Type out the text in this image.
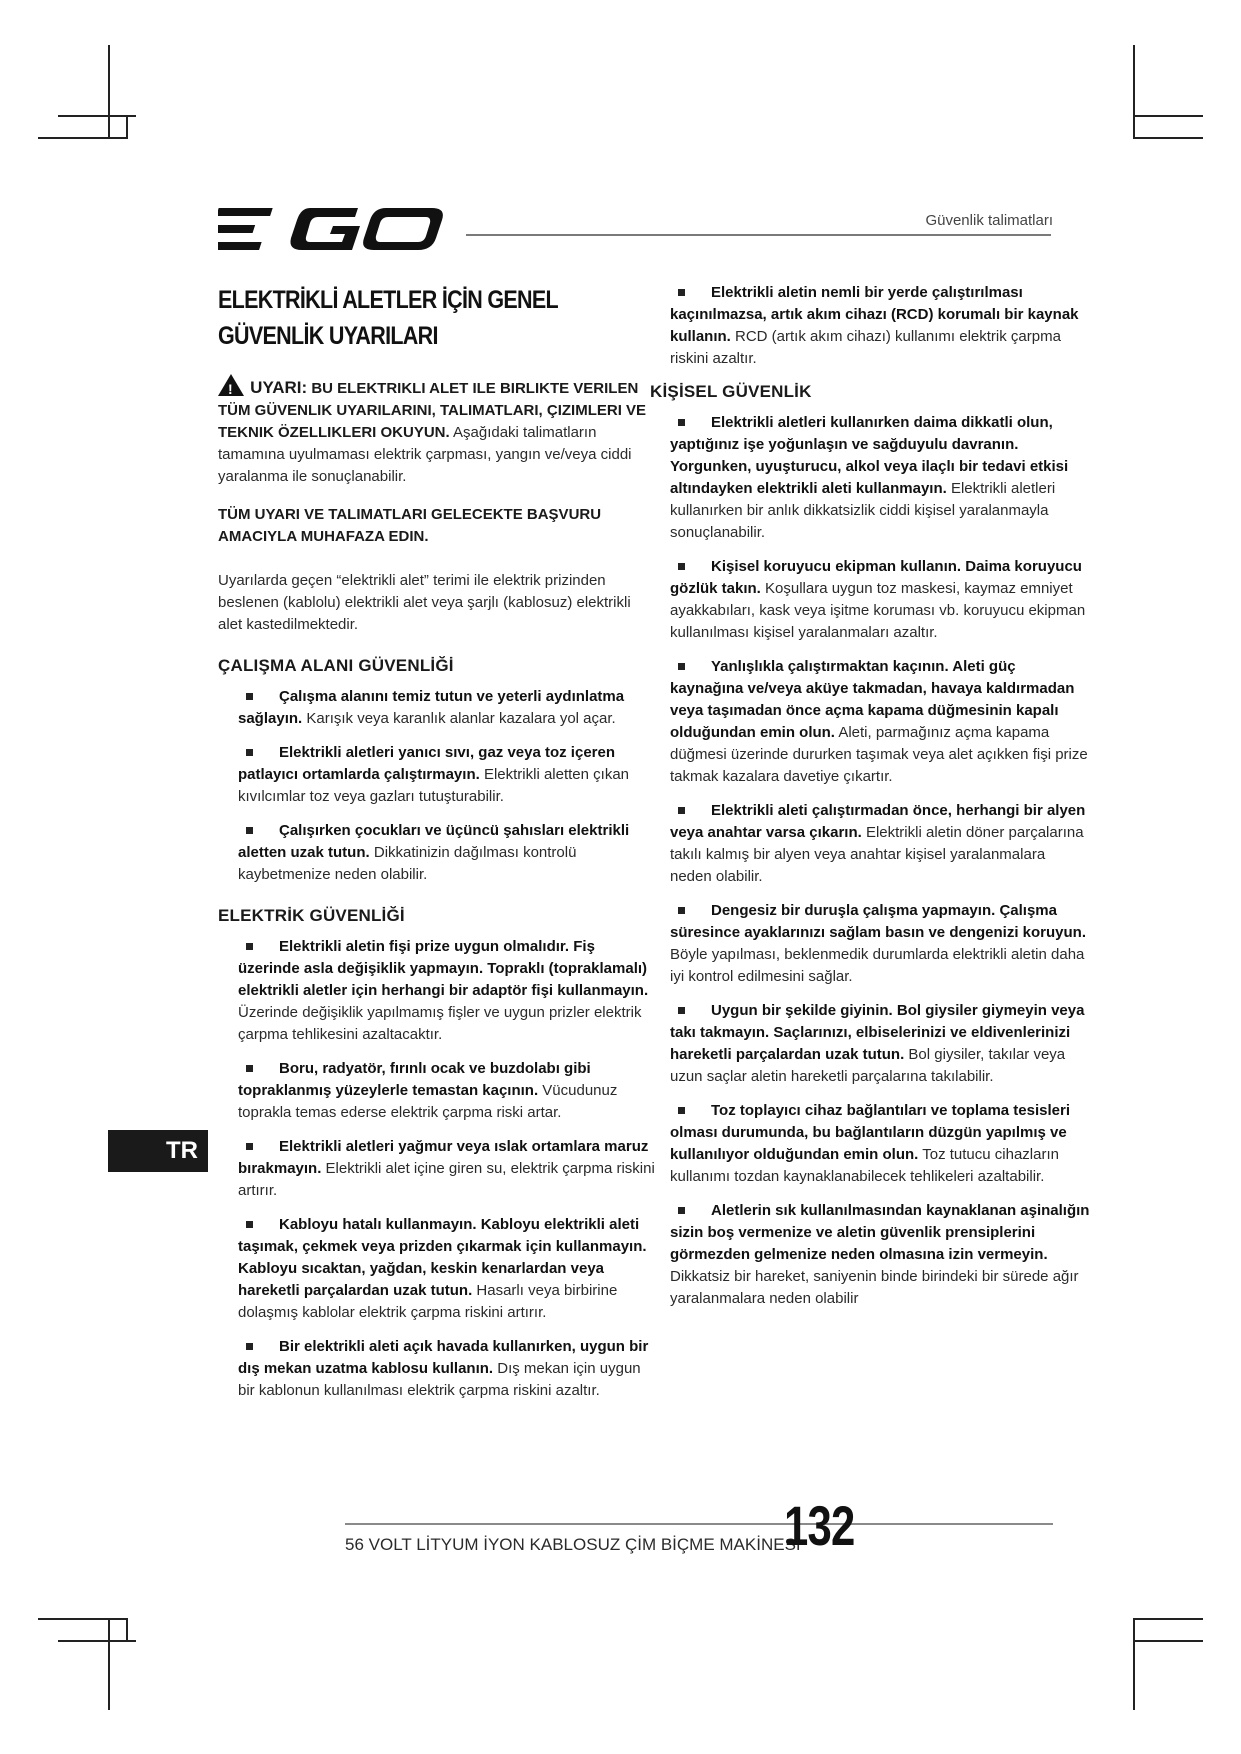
Güvenlik talimatları
ELEKTRİKLİ ALETLER İÇİN GENEL GÜVENLİK UYARILARI

! UYARI: BU ELEKTRIKLI ALET ILE BIRLIKTE VERILEN TÜM GÜVENLIK UYARILARINI, TALIMATLARI, ÇIZIMLERI VE TEKNIK ÖZELLIKLERI OKUYUN. Aşağıdaki talimatların tamamına uyulmaması elektrik çarpması, yangın ve/veya ciddi yaralanma ile sonuçlanabilir.

TÜM UYARI VE TALIMATLARI GELECEKTE BAŞVURU AMACIYLA MUHAFAZA EDIN.

Uyarılarda geçen “elektrikli alet” terimi ile elektrik prizinden beslenen (kablolu) elektrikli alet veya şarjlı (kablosuz) elektrikli alet kastedilmektedir.

ÇALIŞMA ALANI GÜVENLİĞİ

Çalışma alanını temiz tutun ve yeterli aydınlatma sağlayın. Karışık veya karanlık alanlar kazalara yol açar.

Elektrikli aletleri yanıcı sıvı, gaz veya toz içeren patlayıcı ortamlarda çalıştırmayın. Elektrikli aletten çıkan kıvılcımlar toz veya gazları tutuşturabilir.

Çalışırken çocukları ve üçüncü şahısları elektrikli aletten uzak tutun. Dikkatinizin dağılması kontrolü kaybetmenize neden olabilir.

ELEKTRİK GÜVENLİĞİ

Elektrikli aletin fişi prize uygun olmalıdır. Fiş üzerinde asla değişiklik yapmayın. Topraklı (topraklamalı) elektrikli aletler için herhangi bir adaptör fişi kullanmayın. Üzerinde değişiklik yapılmamış fişler ve uygun prizler elektrik çarpma tehlikesini azaltacaktır.

Boru, radyatör, fırınlı ocak ve buzdolabı gibi topraklanmış yüzeylerle temastan kaçının. Vücudunuz toprakla temas ederse elektrik çarpma riski artar.

Elektrikli aletleri yağmur veya ıslak ortamlara maruz bırakmayın. Elektrikli alet içine giren su, elektrik çarpma riskini artırır.

Kabloyu hatalı kullanmayın. Kabloyu elektrikli aleti taşımak, çekmek veya prizden çıkarmak için kullanmayın. Kabloyu sıcaktan, yağdan, keskin kenarlardan veya hareketli parçalardan uzak tutun. Hasarlı veya birbirine dolaşmış kablolar elektrik çarpma riskini artırır.

Bir elektrikli aleti açık havada kullanırken, uygun bir dış mekan uzatma kablosu kullanın. Dış mekan için uygun bir kablonun kullanılması elektrik çarpma riskini azaltır.

Elektrikli aletin nemli bir yerde çalıştırılması kaçınılmazsa, artık akım cihazı (RCD) korumalı bir kaynak kullanın. RCD (artık akım cihazı) kullanımı elektrik çarpma riskini azaltır.

KİŞİSEL GÜVENLİK

Elektrikli aletleri kullanırken daima dikkatli olun, yaptığınız işe yoğunlaşın ve sağduyulu davranın. Yorgunken, uyuşturucu, alkol veya ilaçlı bir tedavi etkisi altındayken elektrikli aleti kullanmayın. Elektrikli aletleri kullanırken bir anlık dikkatsizlik ciddi kişisel yaralanmayla sonuçlanabilir.

Kişisel koruyucu ekipman kullanın. Daima koruyucu gözlük takın. Koşullara uygun toz maskesi, kaymaz emniyet ayakkabıları, kask veya işitme koruması vb. koruyucu ekipman kullanılması kişisel yaralanmaları azaltır.

Yanlışlıkla çalıştırmaktan kaçının. Aleti güç kaynağına ve/veya aküye takmadan, havaya kaldırmadan veya taşımadan önce açma kapama düğmesinin kapalı olduğundan emin olun. Aleti, parmağınız açma kapama düğmesi üzerinde dururken taşımak veya alet açıkken fişi prize takmak kazalara davetiye çıkartır.

Elektrikli aleti çalıştırmadan önce, herhangi bir alyen veya anahtar varsa çıkarın. Elektrikli aletin döner parçalarına takılı kalmış bir alyen veya anahtar kişisel yaralanmalara neden olabilir.

Dengesiz bir duruşla çalışma yapmayın. Çalışma süresince ayaklarınızı sağlam basın ve dengenizi koruyun. Böyle yapılması, beklenmedik durumlarda elektrikli aletin daha iyi kontrol edilmesini sağlar.

Uygun bir şekilde giyinin. Bol giysiler giymeyin veya takı takmayın. Saçlarınızı, elbiselerinizi ve eldivenlerinizi hareketli parçalardan uzak tutun. Bol giysiler, takılar veya uzun saçlar aletin hareketli parçalarına takılabilir.

Toz toplayıcı cihaz bağlantıları ve toplama tesisleri olması durumunda, bu bağlantıların düzgün yapılmış ve kullanılıyor olduğundan emin olun. Toz tutucu cihazların kullanımı tozdan kaynaklanabilecek tehlikeleri azaltabilir.

Aletlerin sık kullanılmasından kaynaklanan aşinalığın sizin boş vermenize ve aletin güvenlik prensiplerini görmezden gelmenize neden olmasına izin vermeyin. Dikkatsiz bir hareket, saniyenin binde birindeki bir sürede ağır yaralanmalara neden olabilir

TR
56 VOLT LİTYUM İYON KABLOSUZ ÇİM BİÇME MAKİNESİ
132
